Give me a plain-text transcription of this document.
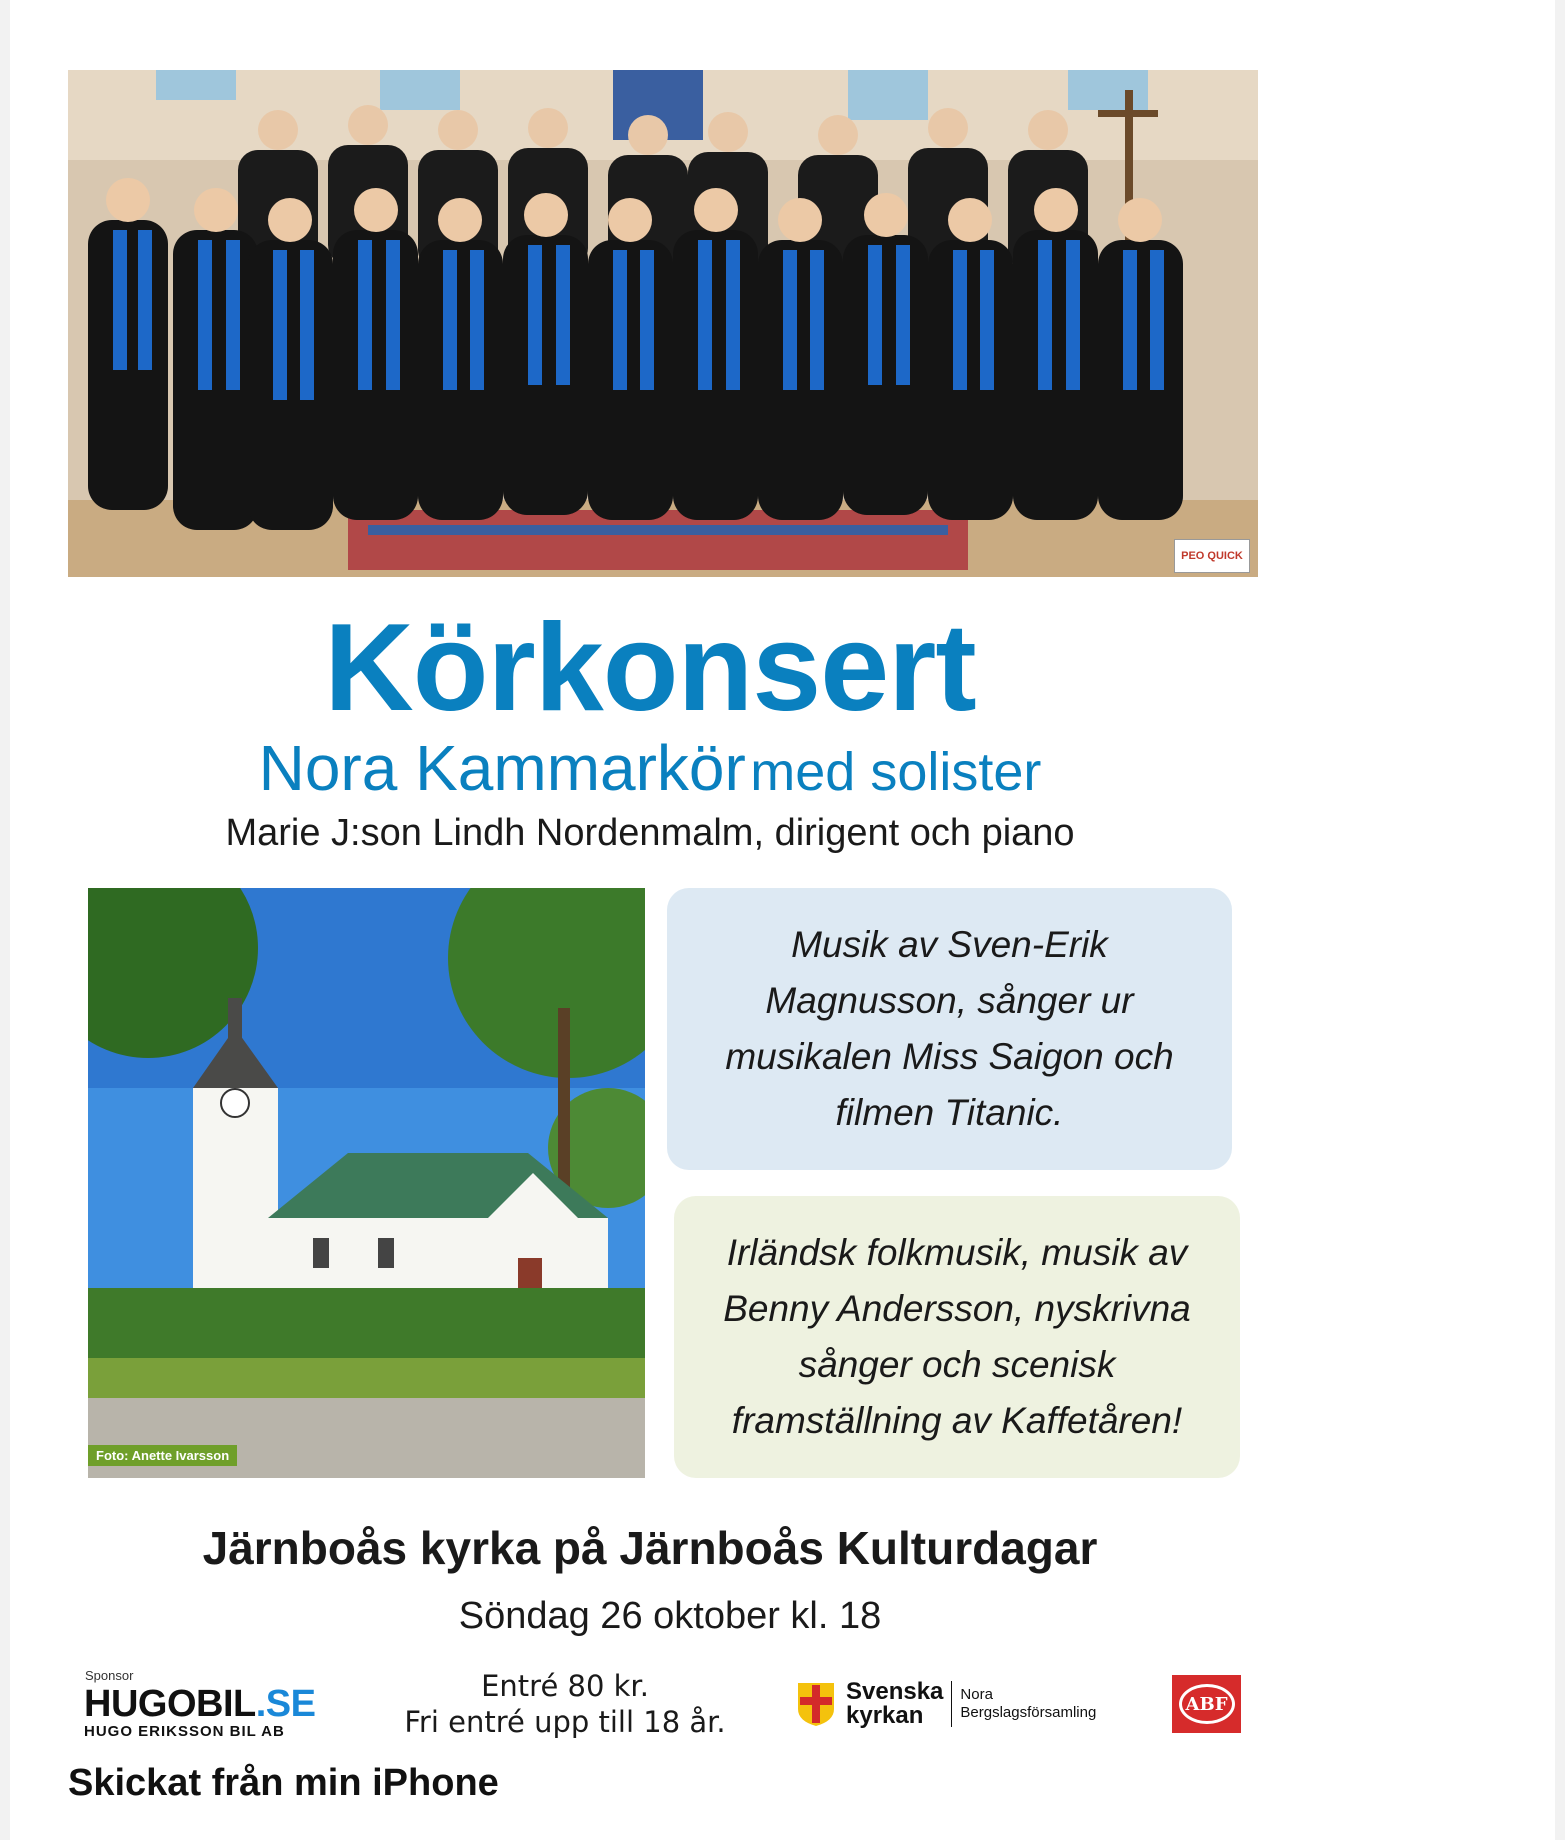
PEO QUICK
Körkonsert
Nora Kammarkör med solister
Marie J:son Lindh Nordenmalm, dirigent och piano
Foto: Anette Ivarsson
Musik av Sven-Erik Magnusson, sånger ur musikalen Miss Saigon och filmen Titanic.
Irländsk folkmusik, musik av Benny Andersson, nyskrivna sånger och scenisk framställning av Kaffetåren!
Järnboås kyrka på Järnboås Kulturdagar
Söndag 26 oktober kl. 18
Sponsor
HUGOBIL.SE
HUGO ERIKSSON BIL AB
Entré 80 kr.
Fri entré upp till 18 år.
Svenska
kyrkan
Nora
Bergslagsförsamling	ABF
Skickat från min iPhone
